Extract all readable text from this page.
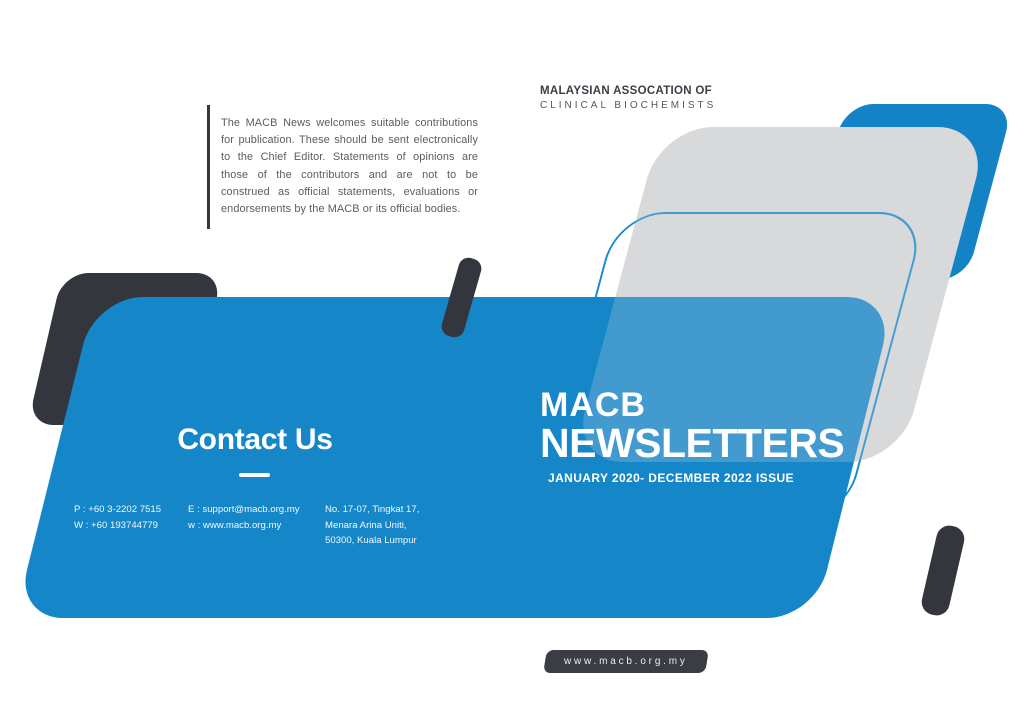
MALAYSIAN ASSOCATION OF
CLINICAL BIOCHEMISTS

The MACB News welcomes suitable contributions for publication. These should be sent electronically to the Chief Editor. Statements of opinions are those of the contributors and are not to be construed as official statements, evaluations or endorsements by the MACB or its official bodies.

MACB
NEWSLETTERS
JANUARY 2020- DECEMBER 2022 ISSUE
Contact Us
P : +60 3-2202 7515
W : +60 193744779
E : support@macb.org.my
w : www.macb.org.my
No. 17-07, Tingkat 17,
Menara Arina Uniti,
50300, Kuala Lumpur
www.macb.org.my
